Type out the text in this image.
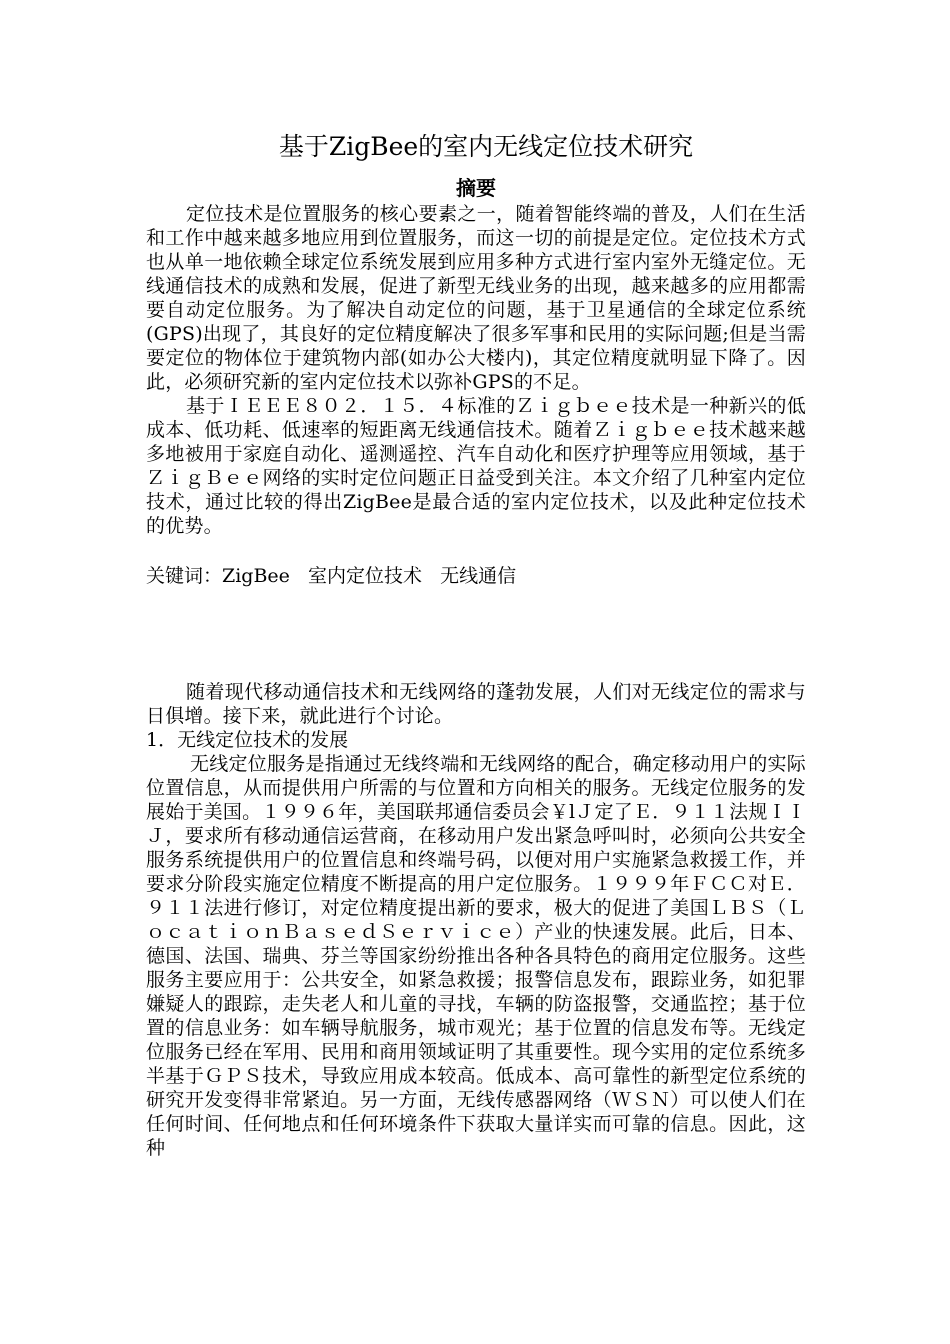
基于ZigBee的室内无线定位技术研究
摘要

定位技术是位置服务的核心要素之一，随着智能终端的普及，人们在生活和工作中越来越多地应用到位置服务，而这一切的前提是定位。定位技术方式也从单一地依赖全球定位系统发展到应用多种方式进行室内室外无缝定位。无线通信技术的成熟和发展，促进了新型无线业务的出现，越来越多的应用都需要自动定位服务。为了解决自动定位的问题，基于卫星通信的全球定位系统(GPS)出现了，其良好的定位精度解决了很多军事和民用的实际问题;但是当需要定位的物体位于建筑物内部(如办公大楼内)，其定位精度就明显下降了。因此，必须研究新的室内定位技术以弥补GPS的不足。

基于ＩＥＥＥ８０２．１５．４标准的Ｚｉｇｂｅｅ技术是一种新兴的低成本、低功耗、低速率的短距离无线通信技术。随着Ｚｉｇｂｅｅ技术越来越多地被用于家庭自动化、遥测遥控、汽车自动化和医疗护理等应用领域，基于ＺｉｇＢｅｅ网络的实时定位问题正日益受到关注。本文介绍了几种室内定位技术，通过比较的得出ZigBee是最合适的室内定位技术，以及此种定位技术的优势。

关键词：ZigBee   室内定位技术   无线通信

随着现代移动通信技术和无线网络的蓬勃发展，人们对无线定位的需求与日俱增。接下来，就此进行个讨论。

1．无线定位技术的发展

无线定位服务是指通过无线终端和无线网络的配合，确定移动用户的实际位置信息，从而提供用户所需的与位置和方向相关的服务。无线定位服务的发展始于美国。１９９６年，美国联邦通信委员会￥lＪ定了Ｅ．９１１法规ＩＩＪ，要求所有移动通信运营商，在移动用户发出紧急呼叫时，必须向公共安全服务系统提供用户的位置信息和终端号码，以便对用户实施紧急救援工作，并要求分阶段实施定位精度不断提高的用户定位服务。１９９９年ＦＣＣ对Ｅ．９１１法进行修订，对定位精度提出新的要求，极大的促进了美国ＬＢＳ（ＬｏｃａｔｉｏｎＢａｓｅｄＳｅｒｖｉｃｅ）产业的快速发展。此后，日本、德国、法国、瑞典、芬兰等国家纷纷推出各种各具特色的商用定位服务。这些服务主要应用于：公共安全，如紧急救援；报警信息发布，跟踪业务，如犯罪嫌疑人的跟踪，走失老人和儿童的寻找，车辆的防盗报警，交通监控；基于位置的信息业务：如车辆导航服务，城市观光；基于位置的信息发布等。无线定位服务已经在军用、民用和商用领域证明了其重要性。现今实用的定位系统多半基于ＧＰＳ技术，导致应用成本较高。低成本、高可靠性的新型定位系统的研究开发变得非常紧迫。另一方面，无线传感器网络（ＷＳＮ）可以使人们在任何时间、任何地点和任何环境条件下获取大量详实而可靠的信息。因此，这种
